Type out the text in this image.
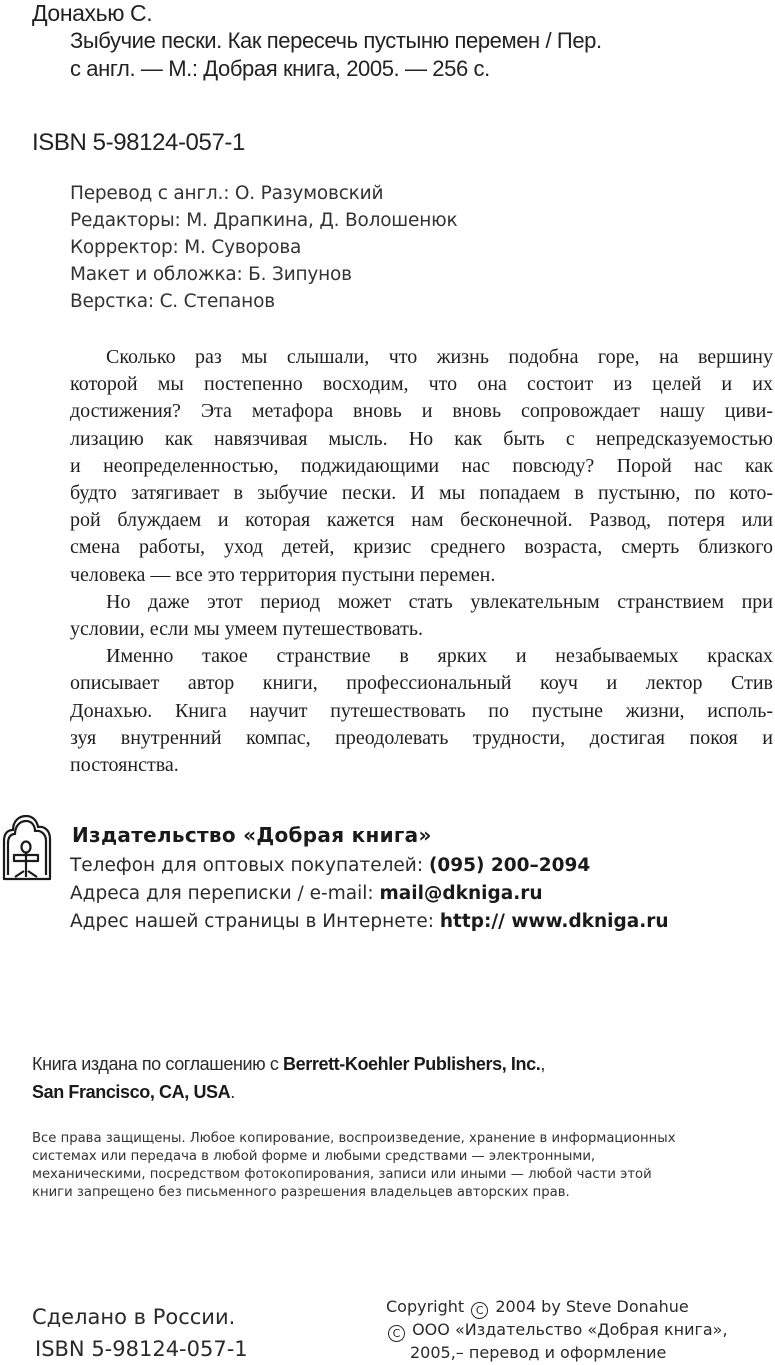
Донахью С.
Зыбучие пески. Как пересечь пустыню перемен / Пер.
с англ. — М.: Добрая книга, 2005. — 256 с.
ISBN 5-98124-057-1
Перевод с англ.: О. Разумовский
Редакторы: М. Драпкина, Д. Волошенюк
Корректор: М. Суворова
Макет и обложка: Б. Зипунов
Верстка: С. Степанов

Сколько раз мы слышали, что жизнь подобна горе, на вершину
которой мы постепенно восходим, что она состоит из целей и их
достижения? Эта метафора вновь и вновь сопровождает нашу циви-
лизацию как навязчивая мысль. Но как быть с непредсказуемостью
и неопределенностью, поджидающими нас повсюду? Порой нас как
будто затягивает в зыбучие пески. И мы попадаем в пустыню, по кото-
рой блуждаем и которая кажется нам бесконечной. Развод, потеря или
смена работы, уход детей, кризис среднего возраста, смерть близкого
человека — все это территория пустыни перемен.

Но даже этот период может стать увлекательным странствием при
условии, если мы умеем путешествовать.

Именно такое странствие в ярких и незабываемых красках
описывает автор книги, профессиональный коуч и лектор Стив
Донахью. Книга научит путешествовать по пустыне жизни, исполь-
зуя внутренний компас, преодолевать трудности, достигая покоя и
постоянства.

Издательство «Добрая книга»
Телефон для оптовых покупателей: (095) 200–2094
Адреса для переписки / e-mail: mail@dkniga.ru
Адрес нашей страницы в Интернете: http:// www.dkniga.ru
Книга издана по соглашению с Berrett-Koehler Publishers, Inc.,
San Francisco, CA, USA.
Все права защищены. Любое копирование, воспроизведение, хранение в информационных
системах или передача в любой форме и любыми средствами — электронными,
механическими, посредством фотокопирования, записи или иными — любой части этой
книги запрещено без письменного разрешения владельцев авторских прав.
Сделано в России.
ISBN 5-98124-057-1
Copyright C 2004 by Steve Donahue
C ООО «Издательство «Добрая книга»,
2005,– перевод и оформление
